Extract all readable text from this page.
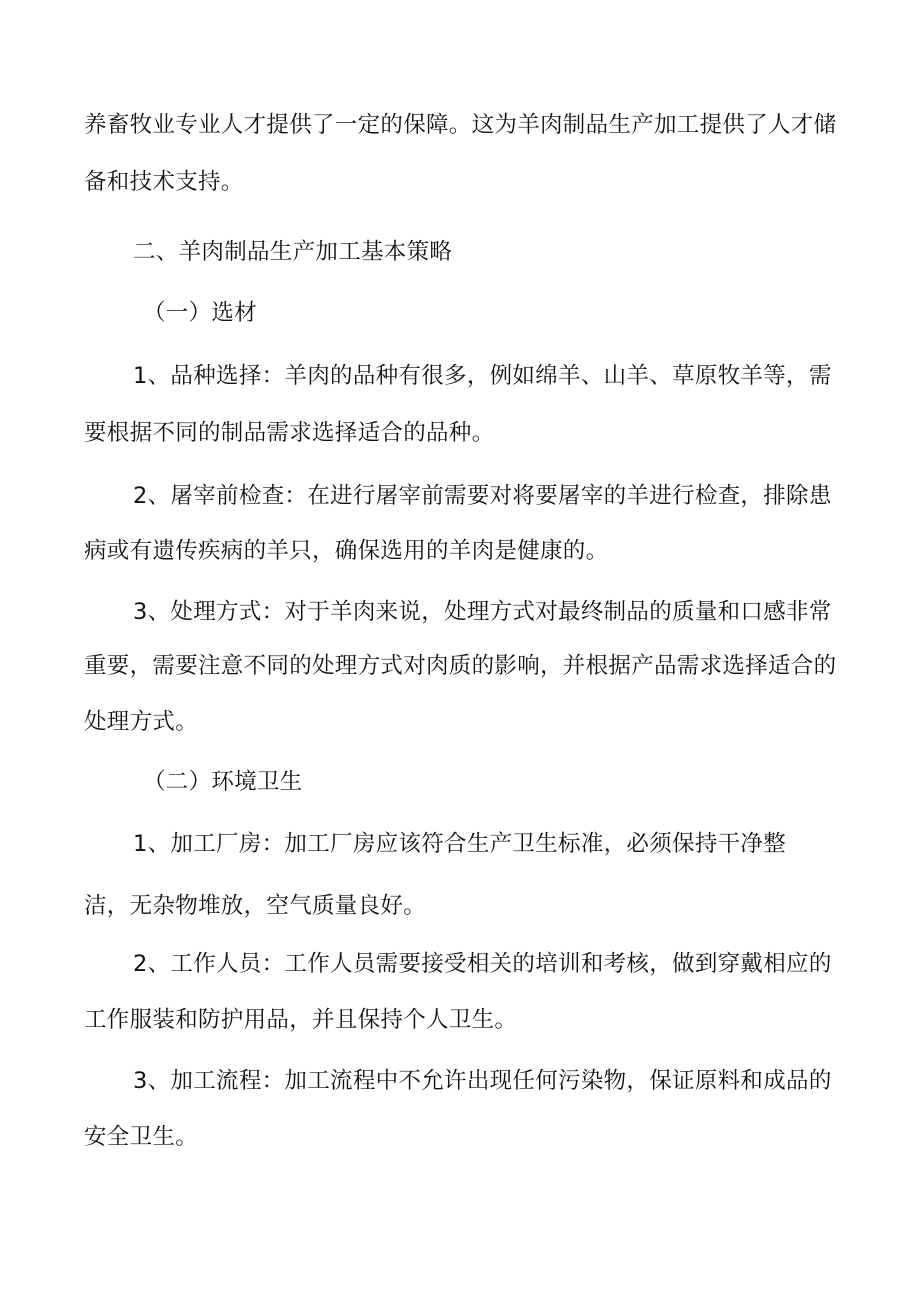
养畜牧业专业人才提供了一定的保障。这为羊肉制品生产加工提供了人才储
备和技术支持。
二、羊肉制品生产加工基本策略
（一）选材
1、品种选择：羊肉的品种有很多，例如绵羊、山羊、草原牧羊等，需
要根据不同的制品需求选择适合的品种。
2、屠宰前检查：在进行屠宰前需要对将要屠宰的羊进行检查，排除患
病或有遗传疾病的羊只，确保选用的羊肉是健康的。
3、处理方式：对于羊肉来说，处理方式对最终制品的质量和口感非常
重要，需要注意不同的处理方式对肉质的影响，并根据产品需求选择适合的
处理方式。
（二）环境卫生
1、加工厂房：加工厂房应该符合生产卫生标准，必须保持干净整
洁，无杂物堆放，空气质量良好。
2、工作人员：工作人员需要接受相关的培训和考核，做到穿戴相应的
工作服装和防护用品，并且保持个人卫生。
3、加工流程：加工流程中不允许出现任何污染物，保证原料和成品的
安全卫生。
